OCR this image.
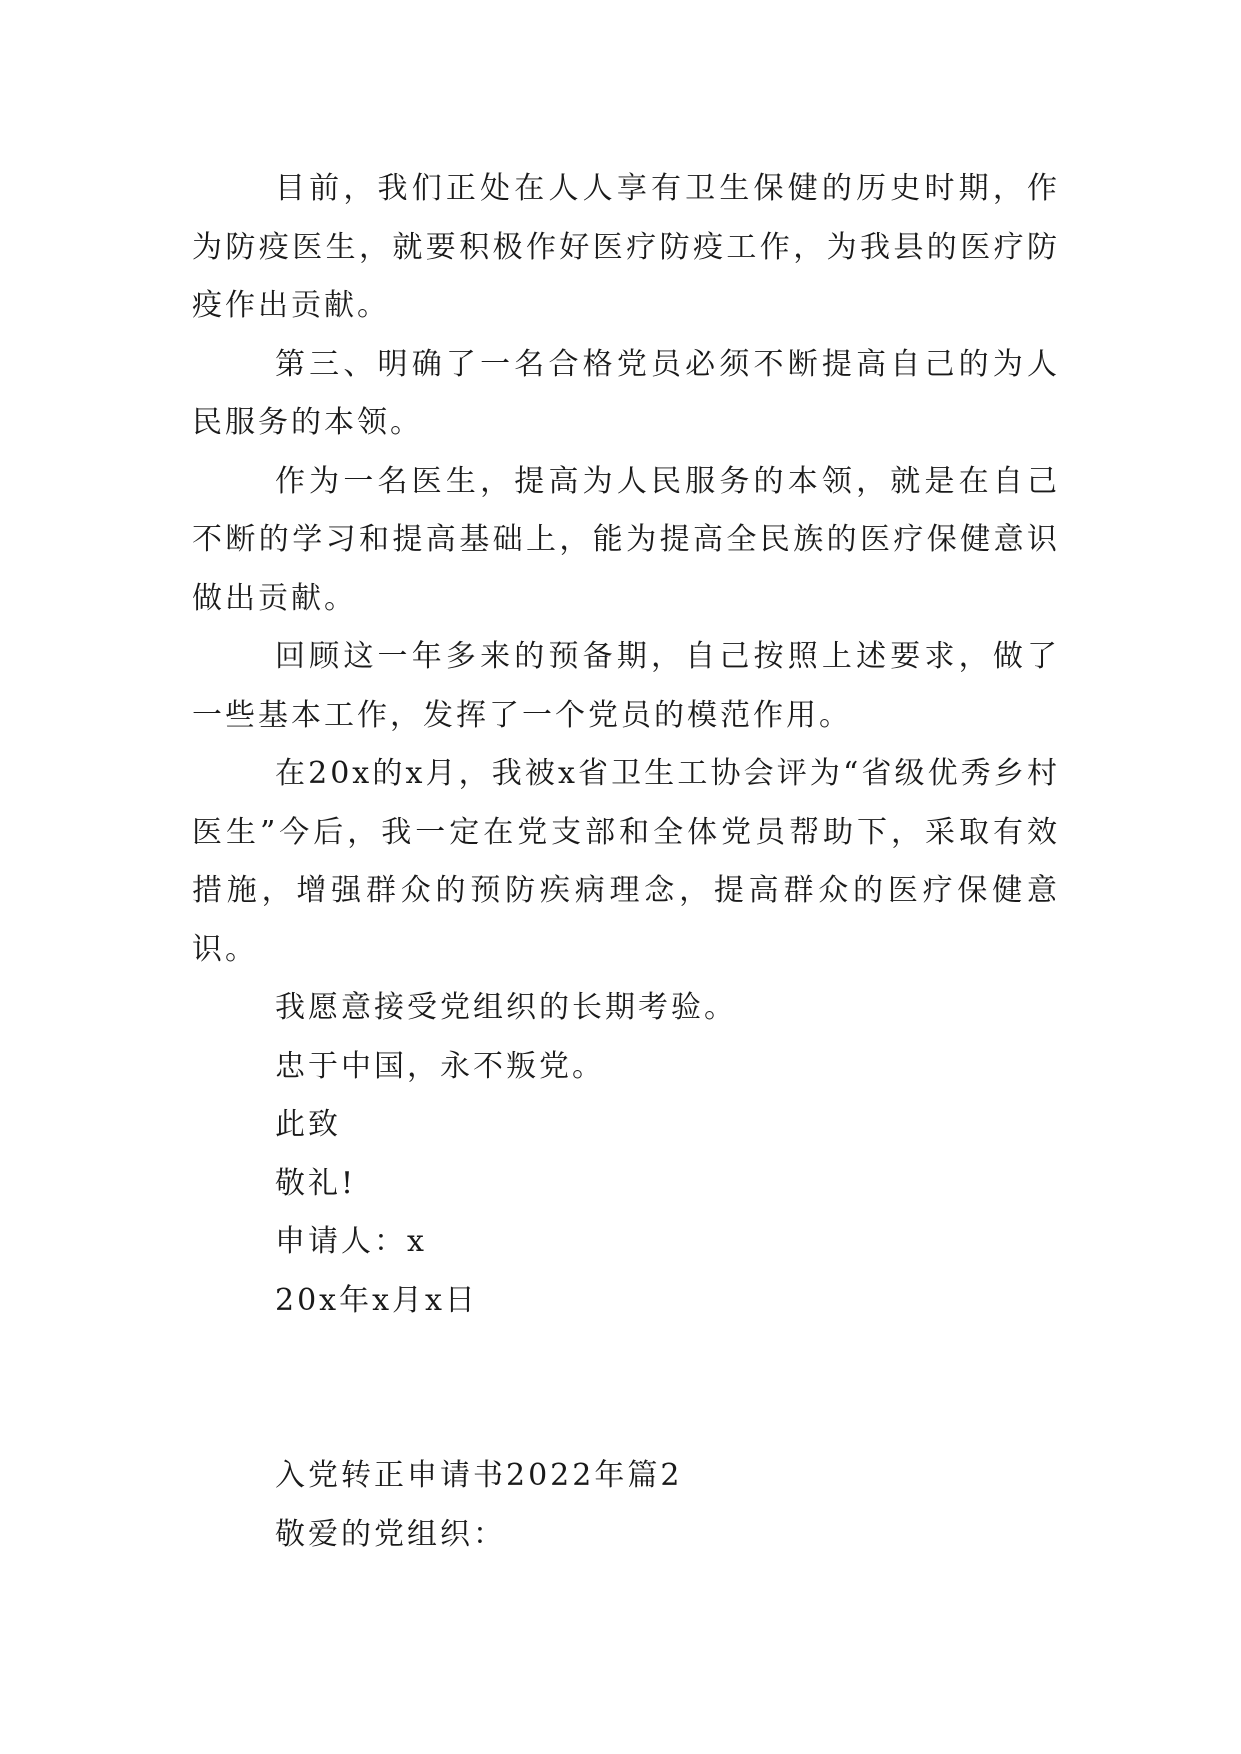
目前，我们正处在人人享有卫生保健的历史时期，作为防疫医生，就要积极作好医疗防疫工作，为我县的医疗防疫作出贡献。

第三、明确了一名合格党员必须不断提高自己的为人民服务的本领。

作为一名医生，提高为人民服务的本领，就是在自己不断的学习和提高基础上，能为提高全民族的医疗保健意识做出贡献。

回顾这一年多来的预备期，自己按照上述要求，做了一些基本工作，发挥了一个党员的模范作用。

在20x的x月，我被x省卫生工协会评为“省级优秀乡村医生”今后，我一定在党支部和全体党员帮助下，采取有效措施，增强群众的预防疾病理念，提高群众的医疗保健意识。

我愿意接受党组织的长期考验。

忠于中国，永不叛党。

此致

敬礼!

申请人：x

20x年x月x日

入党转正申请书2022年篇2

敬爱的党组织：
